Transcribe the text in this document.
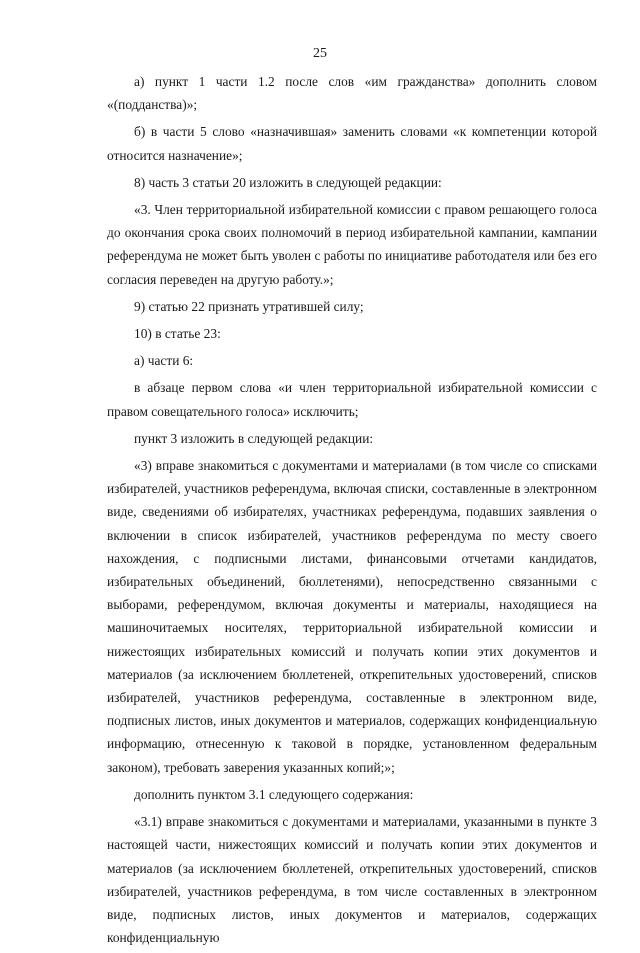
25

а) пункт 1 части 1.2 после слов «им гражданства» дополнить словом «(подданства)»;

б) в части 5 слово «назначившая» заменить словами «к компетенции которой относится назначение»;

8) часть 3 статьи 20 изложить в следующей редакции:

«3. Член территориальной избирательной комиссии с правом решающего голоса до окончания срока своих полномочий в период избирательной кампании, кампании референдума не может быть уволен с работы по инициативе работодателя или без его согласия переведен на другую работу.»;

9) статью 22 признать утратившей силу;

10) в статье 23:

а) части 6:

в абзаце первом слова «и член территориальной избирательной комиссии с правом совещательного голоса» исключить;

пункт 3 изложить в следующей редакции:

«3) вправе знакомиться с документами и материалами (в том числе со списками избирателей, участников референдума, включая списки, составленные в электронном виде, сведениями об избирателях, участниках референдума, подавших заявления о включении в список избирателей, участников референдума по месту своего нахождения, с подписными листами, финансовыми отчетами кандидатов, избирательных объединений, бюллетенями), непосредственно связанными с выборами, референдумом, включая документы и материалы, находящиеся на машиночитаемых носителях, территориальной избирательной комиссии и нижестоящих избирательных комиссий и получать копии этих документов и материалов (за исключением бюллетеней, открепительных удостоверений, списков избирателей, участников референдума, составленные в электронном виде, подписных листов, иных документов и материалов, содержащих конфиденциальную информацию, отнесенную к таковой в порядке, установленном федеральным законом), требовать заверения указанных копий;»;

дополнить пунктом 3.1 следующего содержания:

«3.1) вправе знакомиться с документами и материалами, указанными в пункте 3 настоящей части, нижестоящих комиссий и получать копии этих документов и материалов (за исключением бюллетеней, открепительных удостоверений, списков избирателей, участников референдума, в том числе составленных в электронном виде, подписных листов, иных документов и материалов, содержащих конфиденциальную
